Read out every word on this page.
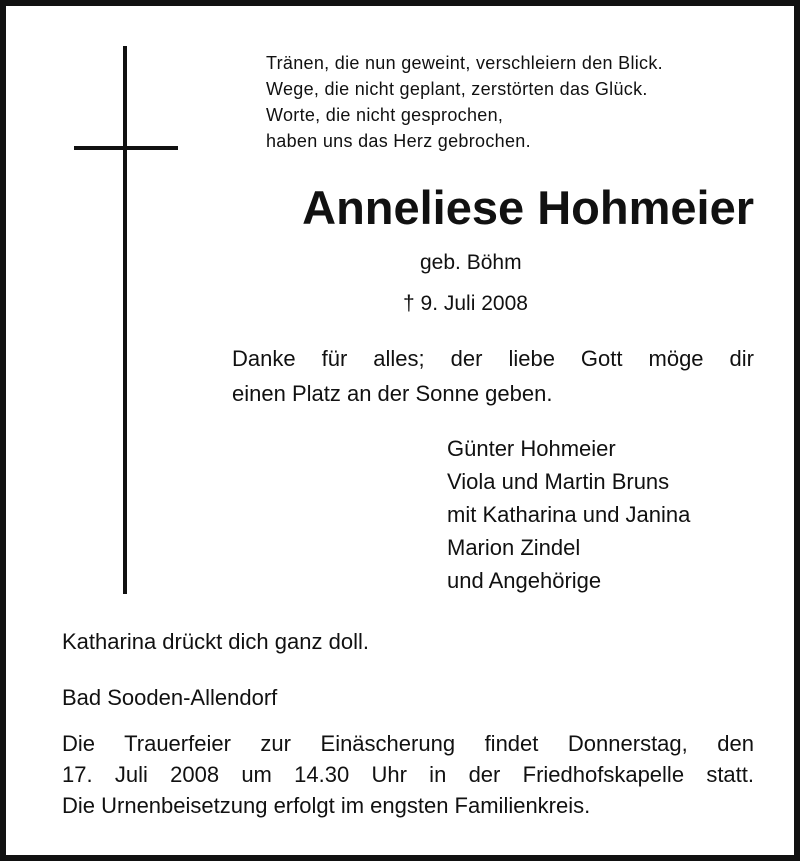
Tränen, die nun geweint, verschleiern den Blick.
Wege, die nicht geplant, zerstörten das Glück.
Worte, die nicht gesprochen,
haben uns das Herz gebrochen.
Anneliese Hohmeier
geb. Böhm
† 9. Juli 2008
Danke für alles; der liebe Gott möge dir
einen Platz an der Sonne geben.
Günter Hohmeier
Viola und Martin Bruns
mit Katharina und Janina
Marion Zindel
und Angehörige
Katharina drückt dich ganz doll.
Bad Sooden-Allendorf
Die Trauerfeier zur Einäscherung findet Donnerstag, den
17. Juli 2008 um 14.30 Uhr in der Friedhofskapelle statt.
Die Urnenbeisetzung erfolgt im engsten Familienkreis.
